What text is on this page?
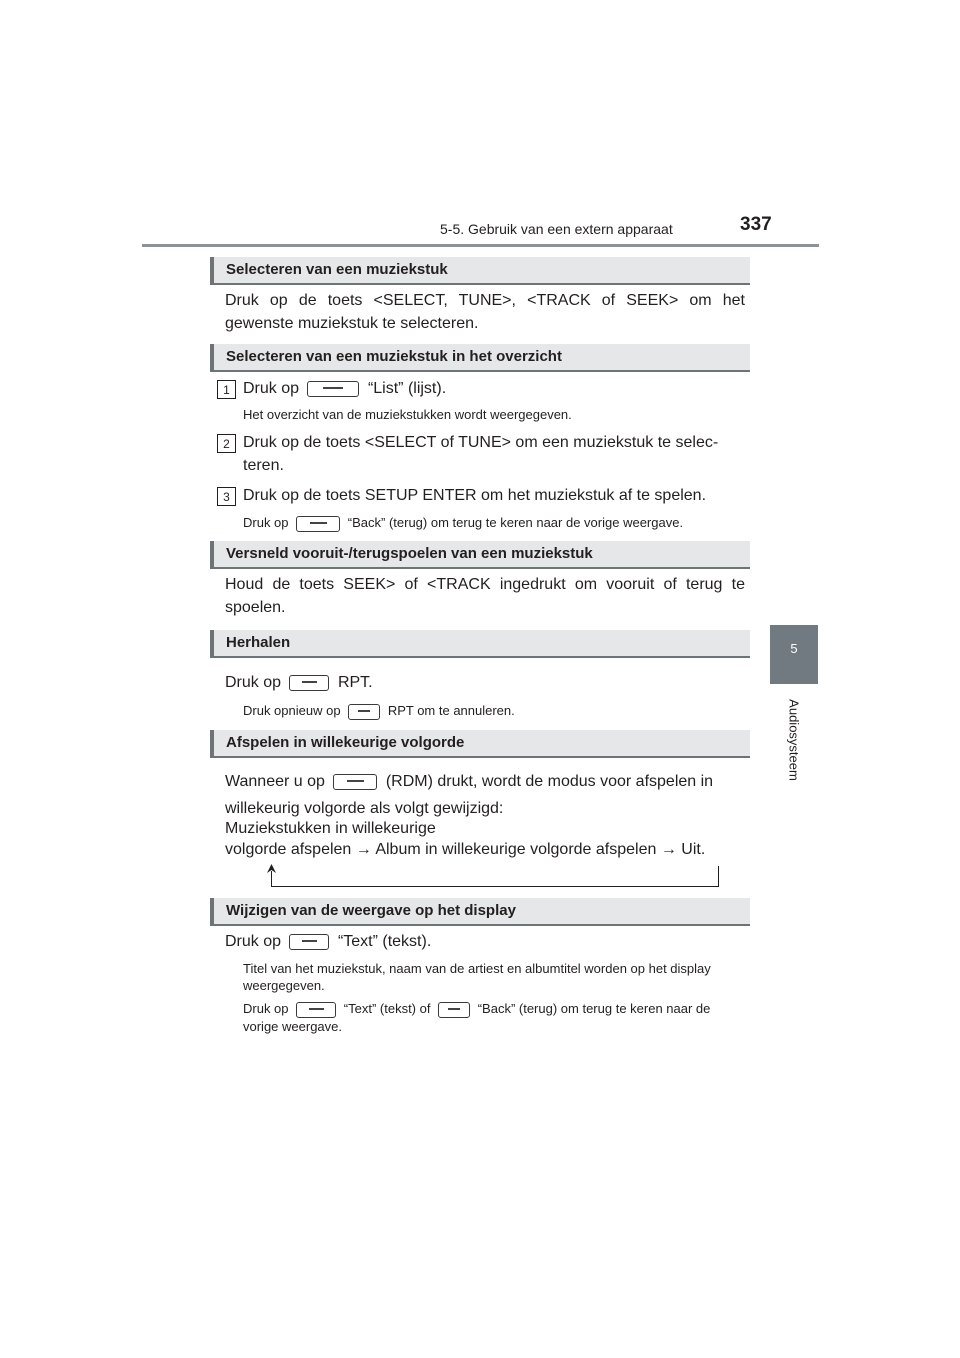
5-5. Gebruik van een extern apparaat	337
5
Audiosysteem
Selecteren van een muziekstuk
Druk op de toets <SELECT, TUNE>, <TRACK of SEEK> om het gewenste muziekstuk te selecteren.
Selecteren van een muziekstuk in het overzicht
1 Druk op	“List” (lijst).
Het overzicht van de muziekstukken wordt weergegeven.
2 Druk op de toets <SELECT of TUNE> om een muziekstuk te selec-teren.
3 Druk op de toets SETUP ENTER om het muziekstuk af te spelen.
Druk op	“Back” (terug) om terug te keren naar de vorige weergave.
Versneld vooruit-/terugspoelen van een muziekstuk
Houd de toets SEEK> of <TRACK ingedrukt om vooruit of terug te spoelen.
Herhalen
Druk op	RPT.
Druk opnieuw op	RPT om te annuleren.
Afspelen in willekeurige volgorde
Wanneer u op	(RDM) drukt, wordt de modus voor afspelen in
willekeurig volgorde als volgt gewijzigd:
Muziekstukken in willekeurige
volgorde afspelen → Album in willekeurige volgorde afspelen → Uit.
Wijzigen van de weergave op het display
Druk op	“Text” (tekst).
Titel van het muziekstuk, naam van de artiest en albumtitel worden op het display weergegeven.
Druk op	“Text” (tekst) of	“Back” (terug) om terug te keren naar de vorige weergave.
